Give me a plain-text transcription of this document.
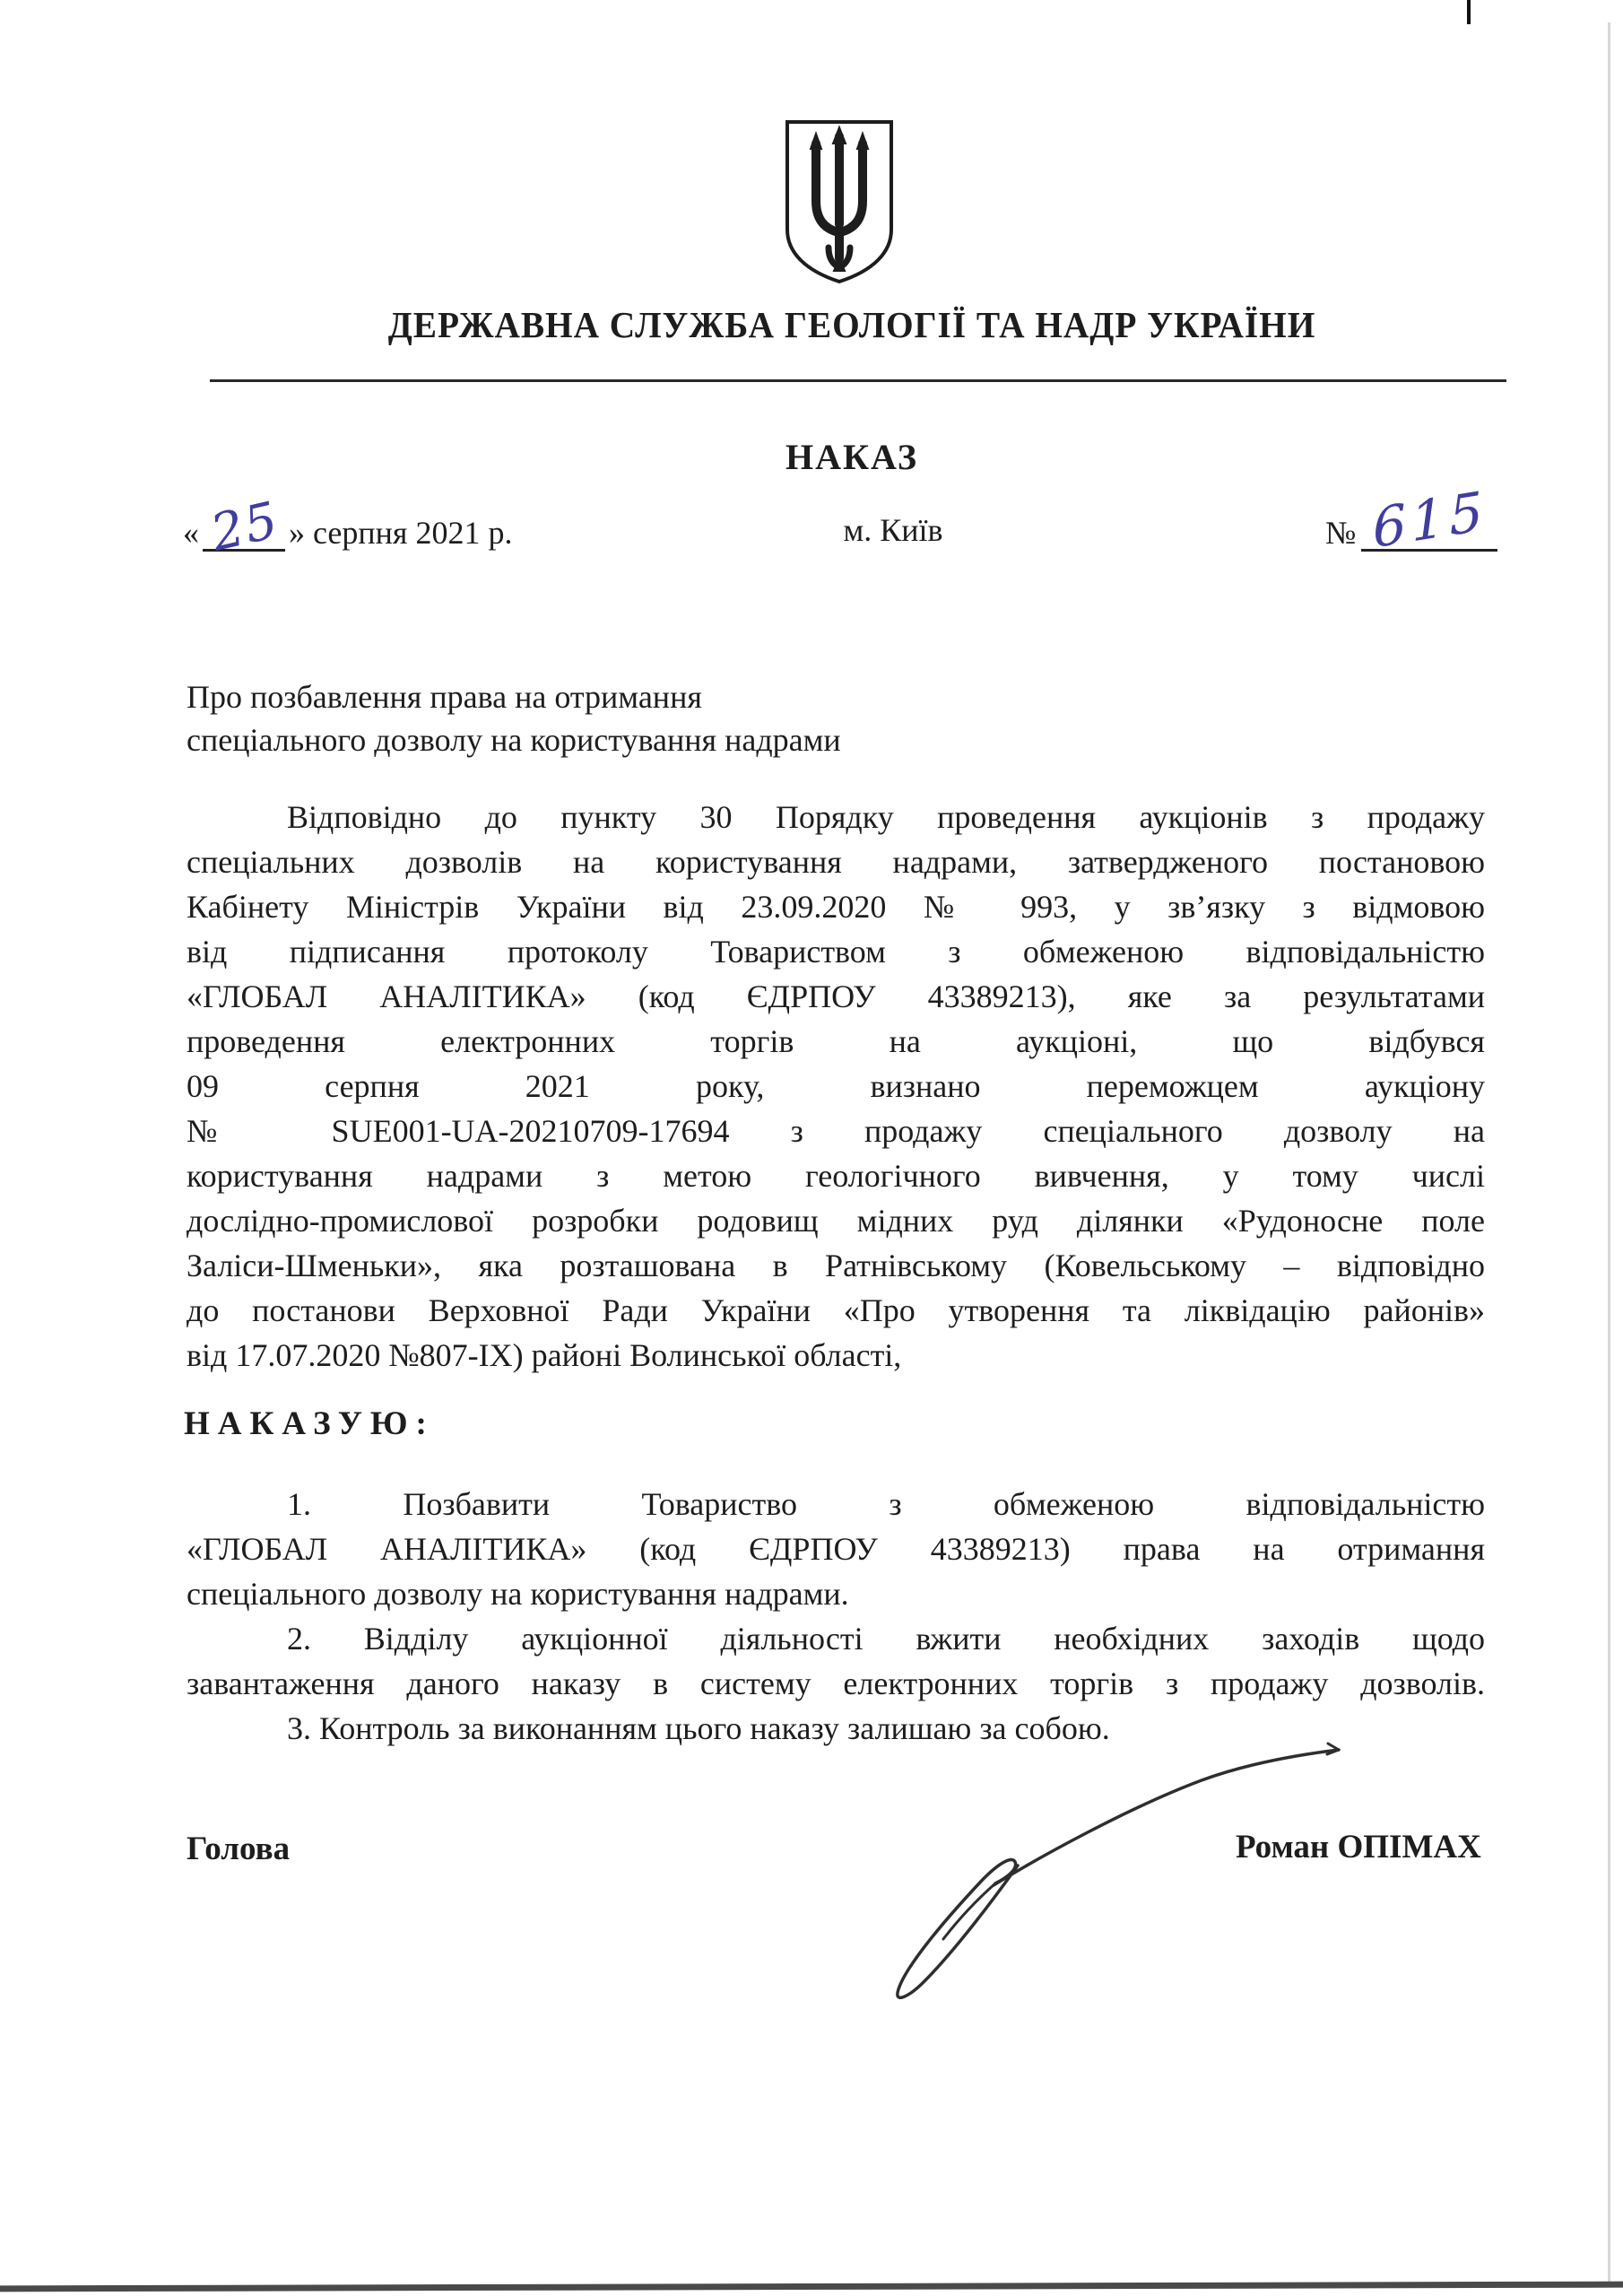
ДЕРЖАВНА СЛУЖБА ГЕОЛОГІЇ ТА НАДР УКРАЇНИ
НАКАЗ
« 25 » серпня 2021 р.	м. Київ	№ 615
Про позбавлення права на отримання
спеціального дозволу на користування надрами
Відповідно до пункту 30 Порядку проведення аукціонів з продажу
спеціальних дозволів на користування надрами, затвердженого постановою
Кабінету Міністрів України від 23.09.2020 № 993, у зв’язку з відмовою
від підписання протоколу Товариством з обмеженою відповідальністю
«ГЛОБАЛ АНАЛІТИКА» (код ЄДРПОУ 43389213), яке за результатами
проведення електронних торгів на аукціоні, що відбувся
09 серпня 2021 року, визнано переможцем аукціону
№ SUE001-UA-20210709-17694 з продажу спеціального дозволу на
користування надрами з метою геологічного вивчення, у тому числі
дослідно-промислової розробки родовищ мідних руд ділянки «Рудоносне поле
Заліси-Шменьки», яка розташована в Ратнівському (Ковельському – відповідно
до постанови Верховної Ради України «Про утворення та ліквідацію районів»
від 17.07.2020 №807-ІХ) районі Волинської області,
НАКАЗУЮ:
1. Позбавити Товариство з обмеженою відповідальністю
«ГЛОБАЛ АНАЛІТИКА» (код ЄДРПОУ 43389213) права на отримання
спеціального дозволу на користування надрами.
2. Відділу аукціонної діяльності вжити необхідних заходів щодо
завантаження даного наказу в систему електронних торгів з продажу дозволів.
3. Контроль за виконанням цього наказу залишаю за собою.
Голова	Роман ОПІМАХ
